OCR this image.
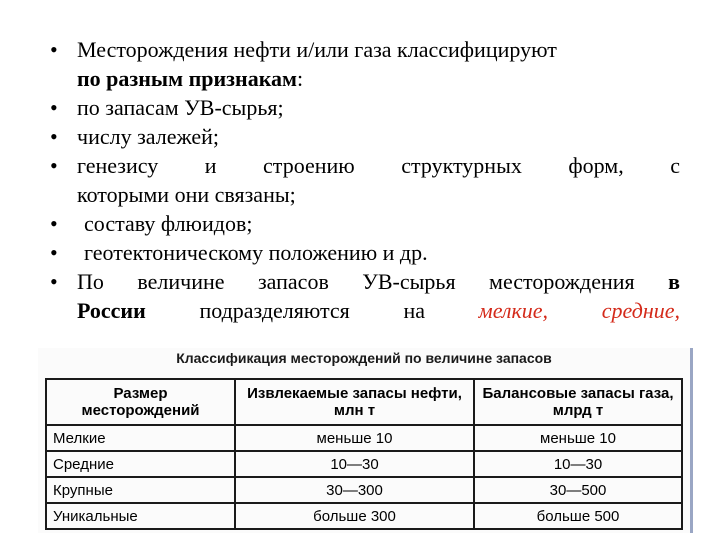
• Месторождения нефти и/или газа классифицируют
по разным признакам:

• по запасам УВ-сырья;

• числу залежей;

• генезису и строению структурных форм, с
которыми они связаны;

• составу флюидов;

• геотектоническому положению и др.

• По величине запасов УВ-сырья месторождения в
России подразделяются на мелкие, средние,

Классификация месторождений по величине запасов
Размер месторождений	Извлекаемые запасы нефти, млн т	Балансовые запасы газа, млрд т
Мелкие	меньше 10	меньше 10
Средние	10—30	10—30
Крупные	30—300	30—500
Уникальные	больше 300	больше 500
